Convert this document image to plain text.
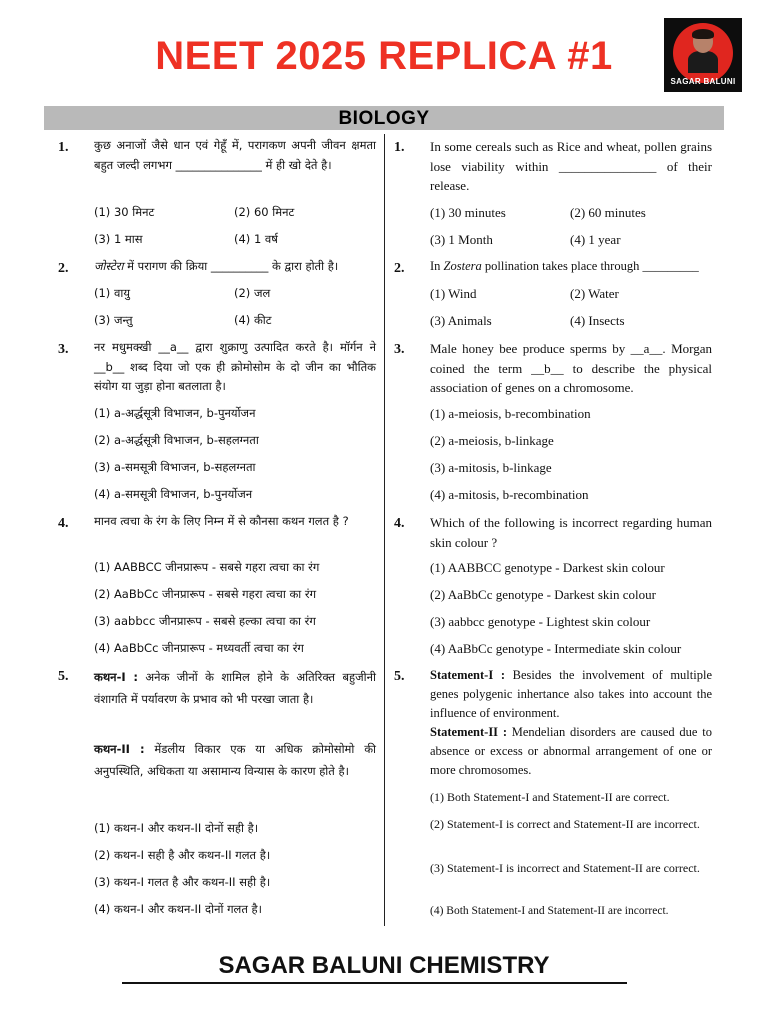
NEET 2025 REPLICA #1
SAGAR BALUNI
BIOLOGY
1. कुछ अनाजों जैसे धान एवं गेहूँ में, परागकण अपनी जीवन क्षमता बहुत जल्दी लगभग _______________ में ही खो देते है।
(1) 30 मिनट	(2) 60 मिनट
(3) 1 मास	(4) 1 वर्ष
1. In some cereals such as Rice and wheat, pollen grains lose viability within _______________ of their release.
(1) 30 minutes	(2) 60 minutes
(3) 1 Month	(4) 1 year
2. जोस्टेरा में परागण की क्रिया __________ के द्वारा होती है।
(1) वायु	(2) जल
(3) जन्तु	(4) कीट
2. In Zostera pollination takes place through _________
(1) Wind	(2) Water
(3) Animals	(4) Insects
3. नर मधुमक्खी __a__ द्वारा शुक्राणु उत्पादित करते है। मॉर्गन ने __b__ शब्द दिया जो एक ही क्रोमोसोम के दो जीन का भौतिक संयोग या जुड़ा होना बतलाता है।
(1) a-अर्द्धसूत्री विभाजन, b-पुनर्योजन
(2) a-अर्द्धसूत्री विभाजन, b-सहलग्नता
(3) a-समसूत्री विभाजन, b-सहलग्नता
(4) a-समसूत्री विभाजन, b-पुनर्योजन
3. Male honey bee produce sperms by __a__. Morgan coined the term __b__ to describe the physical association of genes on a chromosome.
(1) a-meiosis, b-recombination
(2) a-meiosis, b-linkage
(3) a-mitosis, b-linkage
(4) a-mitosis, b-recombination
4. मानव त्वचा के रंग के लिए निम्न में से कौनसा कथन गलत है ?
(1) AABBCC जीनप्रारूप - सबसे गहरा त्वचा का रंग
(2) AaBbCc जीनप्रारूप - सबसे गहरा त्वचा का रंग
(3) aabbcc जीनप्रारूप - सबसे हल्का त्वचा का रंग
(4) AaBbCc जीनप्रारूप - मध्यवर्ती त्वचा का रंग
4. Which of the following is incorrect regarding human skin colour ?
(1) AABBCC genotype - Darkest skin colour
(2) AaBbCc genotype - Darkest skin colour
(3) aabbcc genotype - Lightest skin colour
(4) AaBbCc genotype - Intermediate skin colour
5. कथन-I : अनेक जीनों के शामिल होने के अतिरिक्त बहुजीनी वंशागति में पर्यावरण के प्रभाव को भी परखा जाता है।
कथन-II : मेंडलीय विकार एक या अधिक क्रोमोसोमो की अनुपस्थिति, अधिकता या असामान्य विन्यास के कारण होते है।
(1) कथन-I और कथन-II दोनों सही है।
(2) कथन-I सही है और कथन-II गलत है।
(3) कथन-I गलत है और कथन-II सही है।
(4) कथन-I और कथन-II दोनों गलत है।
5. Statement-I : Besides the involvement of multiple genes polygenic inhertance also takes into account the influence of environment.
Statement-II : Mendelian disorders are caused due to absence or excess or abnormal arrangement of one or more chromosomes.
(1) Both Statement-I and Statement-II are correct.
(2) Statement-I is correct and Statement-II are incorrect.
(3) Statement-I is incorrect and Statement-II are correct.
(4) Both Statement-I and Statement-II are incorrect.
SAGAR BALUNI CHEMISTRY
